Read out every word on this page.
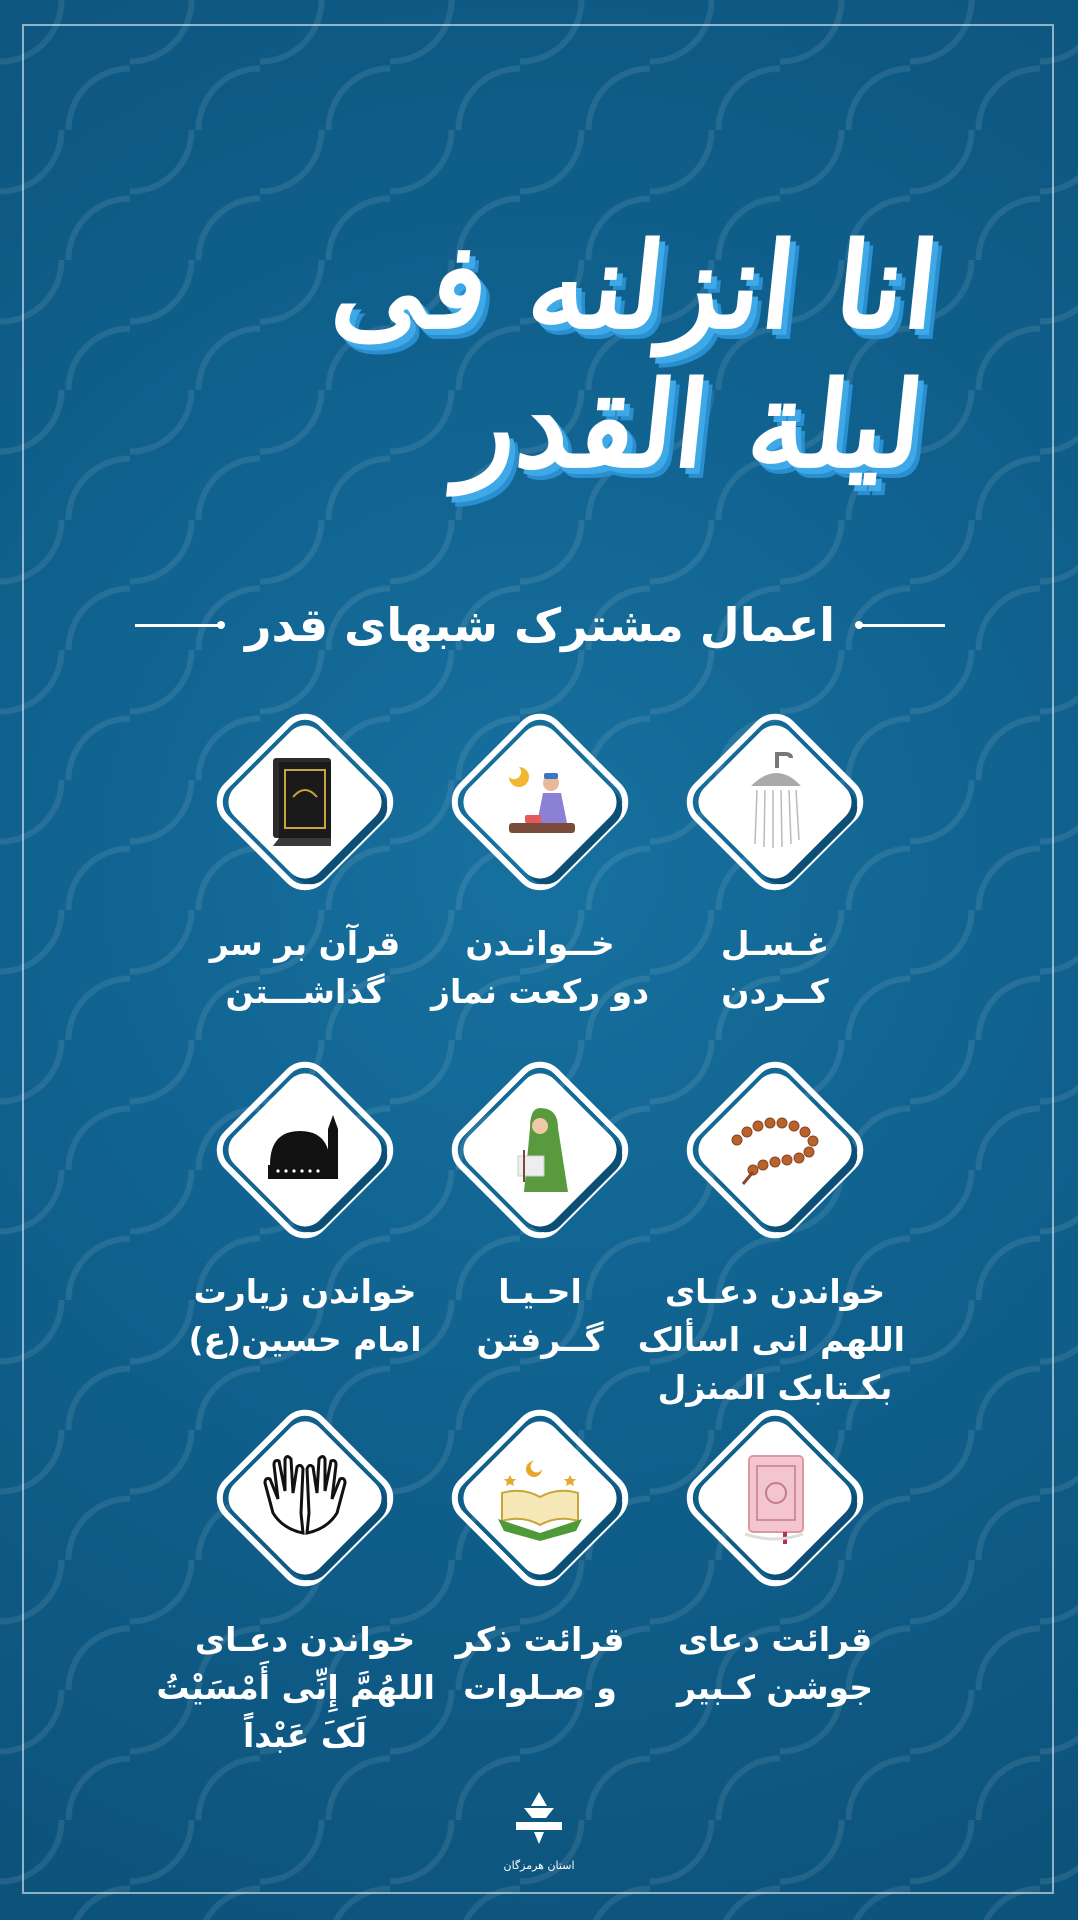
انا انزلنه فی لیلة القدر
اعمال مشترک شبهای قدر
قرآن بر سر
گذاشـــتن
خــوانـدن
دو رکعت نماز
غـسـل
کــردن
خواندن زیارت
امام حسین(ع)
احـیـا
گــرفتن
خواندن دعـای
اللهم انی اسألک
بکـتابک المنزل
خواندن دعـای
اللهُمَّ إِنِّی أَمْسَیْتُ
لَکَ عَبْداً
قرائت ذکر
و صـلوات
قرائت دعای
جوشن کـبیر
استان هرمزگان
